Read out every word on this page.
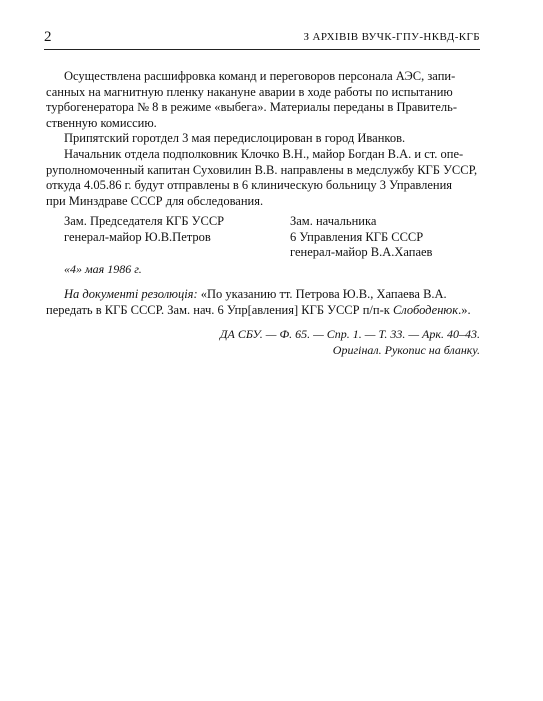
2	З АРХІВІВ ВУЧК-ГПУ-НКВД-КГБ
Осуществлена расшифровка команд и переговоров персонала АЭС, запи-
санных на магнитную пленку накануне аварии в ходе работы по испытанию
турбогенератора № 8 в режиме «выбега». Материалы переданы в Правитель-
ственную комиссию.
Припятский горотдел 3 мая передислоцирован в город Иванков.
Начальник отдела подполковник Клочко В.Н., майор Богдан В.А. и ст. опе-
руполномоченный капитан Суховилин В.В. направлены в медслужбу КГБ УССР,
откуда 4.05.86 г. будут отправлены в 6 клиническую больницу 3 Управления
при Минздраве СССР для обследования.
Зам. Председателя КГБ УССР
генерал-майор Ю.В.Петров
Зам. начальника
6 Управления КГБ СССР
генерал-майор В.А.Хапаев
«4» мая 1986 г.
На документі резолюція: «По указанию тт. Петрова Ю.В., Хапаева В.А.
передать в КГБ СССР. Зам. нач. 6 Упр[авления] КГБ УССР п/п-к Слободенюк.».
ДА СБУ. — Ф. 65. — Спр. 1. — Т. 33. — Арк. 40–43.
Оригінал. Рукопис на бланку.
